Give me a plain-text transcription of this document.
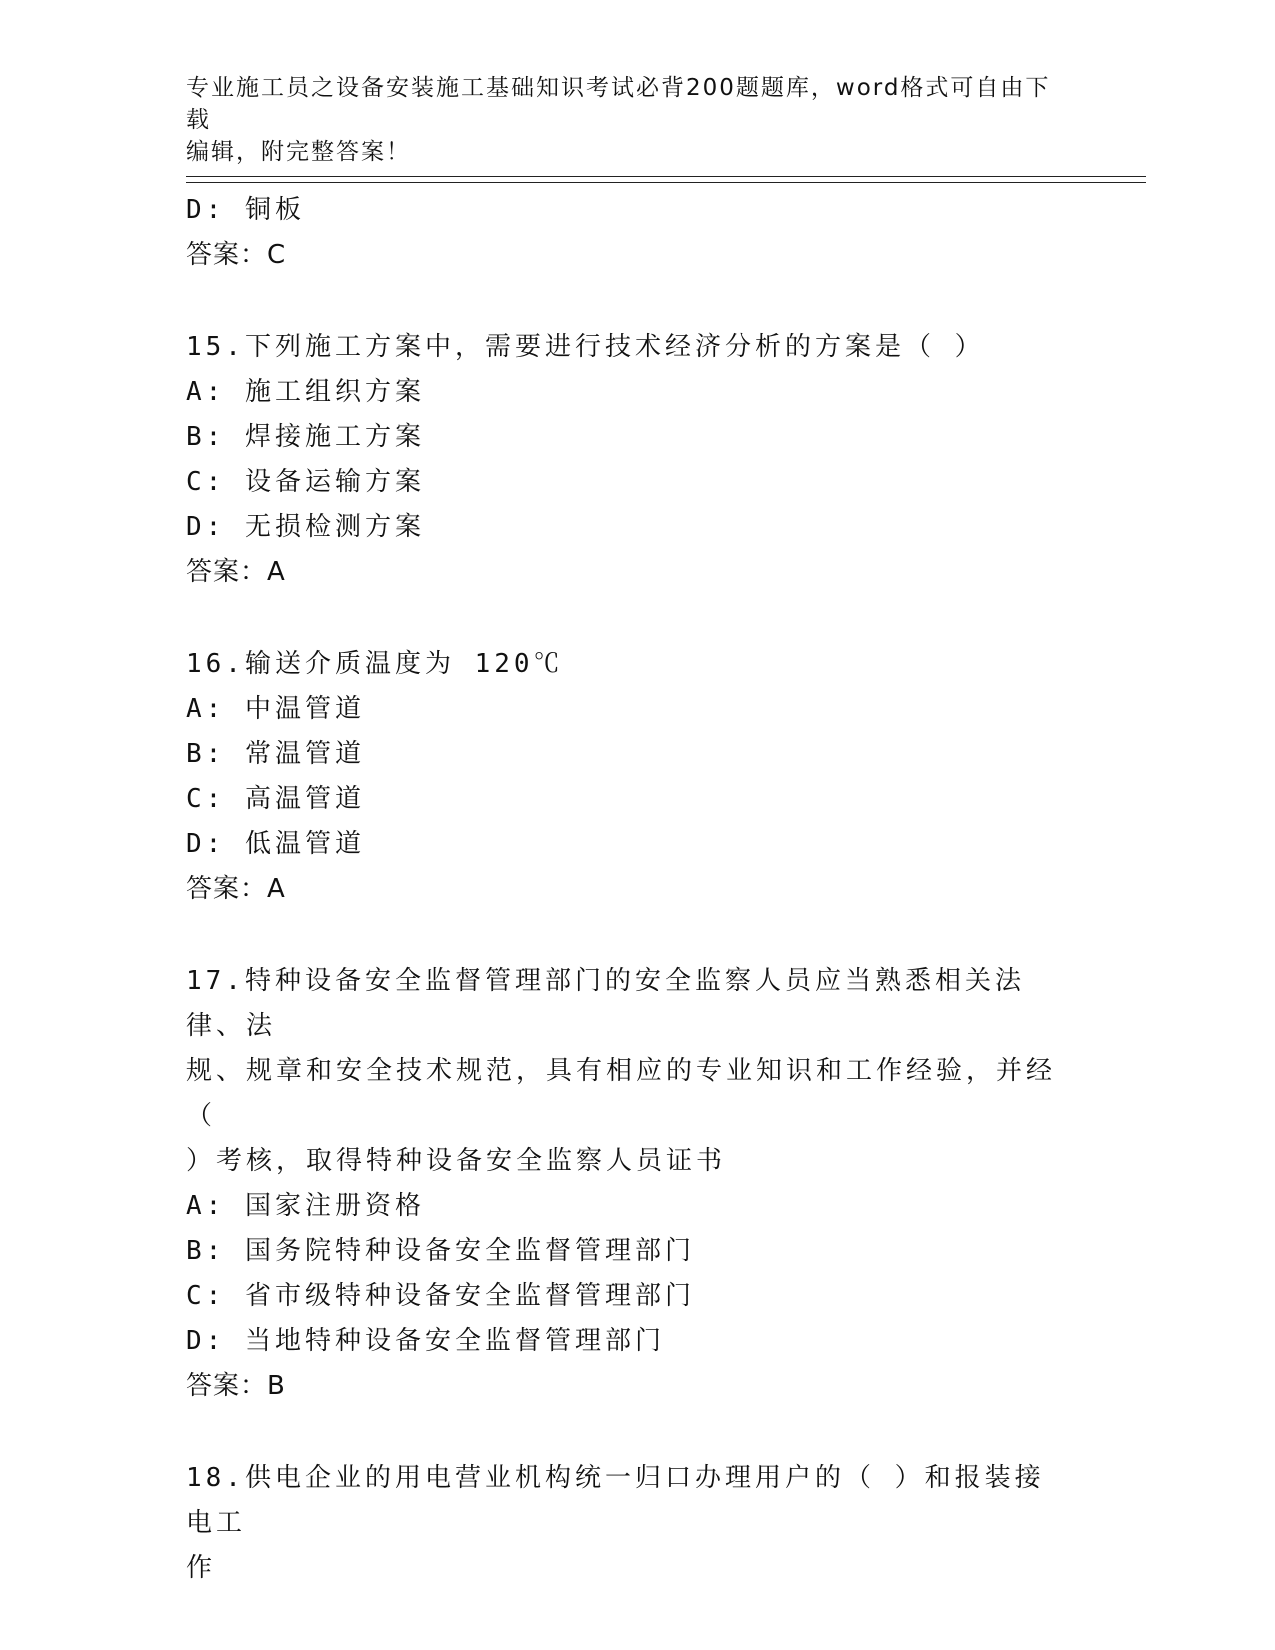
专业施工员之设备安装施工基础知识考试必背200题题库，word格式可自由下载
编辑，附完整答案！
D: 铜板
答案：C
15.下列施工方案中，需要进行技术经济分析的方案是（ ）
A: 施工组织方案
B: 焊接施工方案
C: 设备运输方案
D: 无损检测方案
答案：A
16.输送介质温度为 120℃
A: 中温管道
B: 常温管道
C: 高温管道
D: 低温管道
答案：A
17.特种设备安全监督管理部门的安全监察人员应当熟悉相关法律、法
规、规章和安全技术规范，具有相应的专业知识和工作经验，并经（
）考核，取得特种设备安全监察人员证书
A: 国家注册资格
B: 国务院特种设备安全监督管理部门
C: 省市级特种设备安全监督管理部门
D: 当地特种设备安全监督管理部门
答案：B
18.供电企业的用电营业机构统一归口办理用户的（ ）和报装接电工
作
